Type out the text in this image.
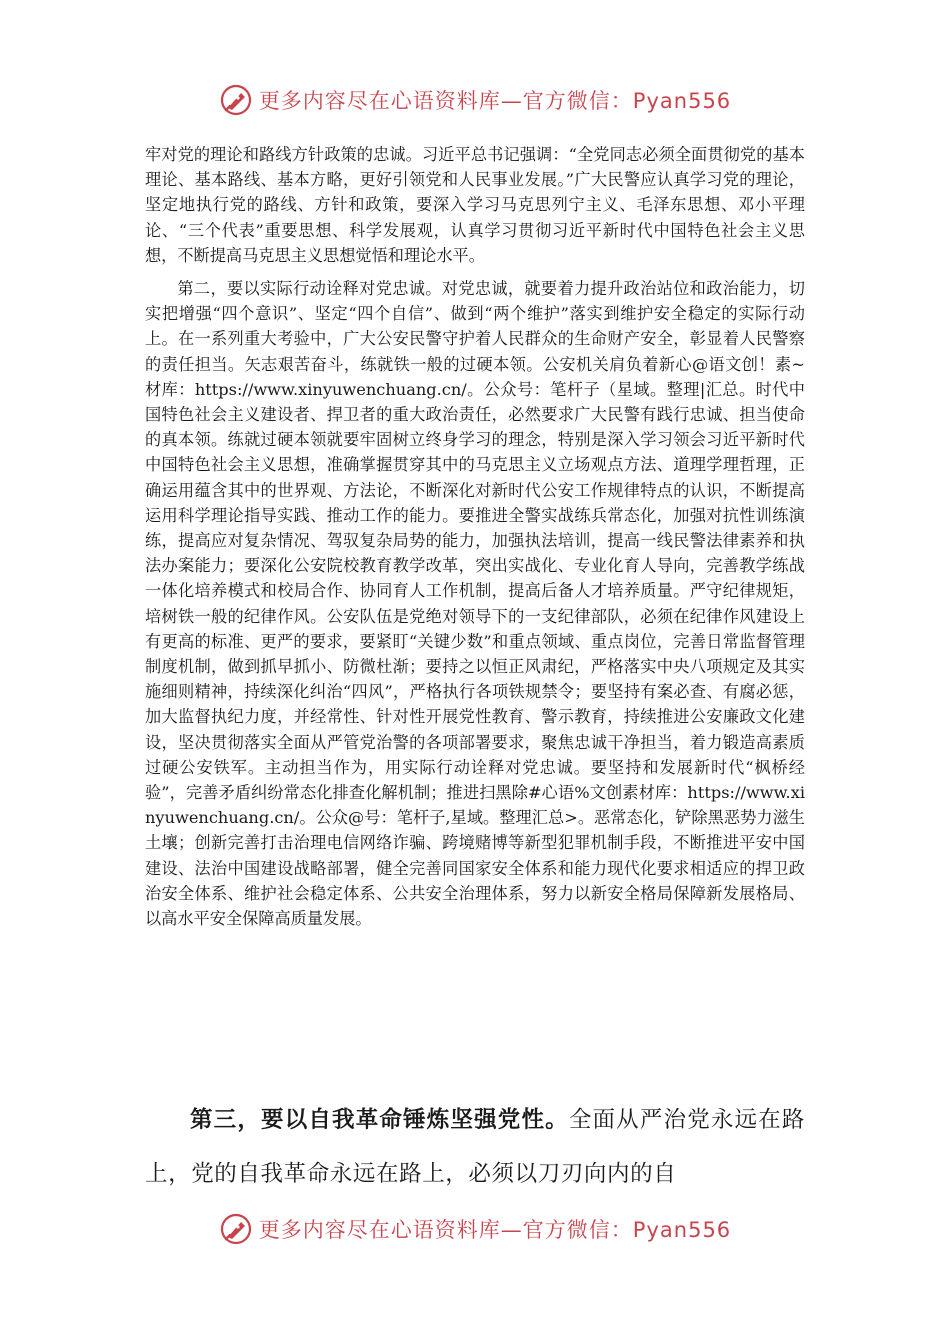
更多内容尽在心语资料库—官方微信：Pyan556

牢对党的理论和路线方针政策的忠诚。习近平总书记强调：“全党同志必须全面贯彻党的基本理论、基本路线、基本方略，更好引领党和人民事业发展。”广大民警应认真学习党的理论，坚定地执行党的路线、方针和政策，要深入学习马克思列宁主义、毛泽东思想、邓小平理论、“三个代表”重要思想、科学发展观，认真学习贯彻习近平新时代中国特色社会主义思想，不断提高马克思主义思想觉悟和理论水平。

第二，要以实际行动诠释对党忠诚。对党忠诚，就要着力提升政治站位和政治能力，切实把增强“四个意识”、坚定“四个自信”、做到“两个维护”落实到维护安全稳定的实际行动上。在一系列重大考验中，广大公安民警守护着人民群众的生命财产安全，彰显着人民警察的责任担当。矢志艰苦奋斗，练就铁一般的过硬本领。公安机关肩负着新心@语文创！素~材库：https://www.xinyuwenchuang.cn/。公众号：笔杆子（星域。整理|汇总。时代中国特色社会主义建设者、捍卫者的重大政治责任，必然要求广大民警有践行忠诚、担当使命的真本领。练就过硬本领就要牢固树立终身学习的理念，特别是深入学习领会习近平新时代中国特色社会主义思想，准确掌握贯穿其中的马克思主义立场观点方法、道理学理哲理，正确运用蕴含其中的世界观、方法论，不断深化对新时代公安工作规律特点的认识，不断提高运用科学理论指导实践、推动工作的能力。要推进全警实战练兵常态化，加强对抗性训练演练，提高应对复杂情况、驾驭复杂局势的能力，加强执法培训，提高一线民警法律素养和执法办案能力；要深化公安院校教育教学改革，突出实战化、专业化育人导向，完善教学练战一体化培养模式和校局合作、协同育人工作机制，提高后备人才培养质量。严守纪律规矩，培树铁一般的纪律作风。公安队伍是党绝对领导下的一支纪律部队，必须在纪律作风建设上有更高的标准、更严的要求，要紧盯“关键少数”和重点领域、重点岗位，完善日常监督管理制度机制，做到抓早抓小、防微杜渐；要持之以恒正风肃纪，严格落实中央八项规定及其实施细则精神，持续深化纠治“四风”，严格执行各项铁规禁令；要坚持有案必查、有腐必惩，加大监督执纪力度，并经常性、针对性开展党性教育、警示教育，持续推进公安廉政文化建设，坚决贯彻落实全面从严管党治警的各项部署要求，聚焦忠诚干净担当，着力锻造高素质过硬公安铁军。主动担当作为，用实际行动诠释对党忠诚。要坚持和发展新时代“枫桥经验”，完善矛盾纠纷常态化排查化解机制；推进扫黑除#心语%文创素材库：https://www.xinyuwenchuang.cn/。公众@号：笔杆子,星域。整理汇总>。恶常态化，铲除黑恶势力滋生土壤；创新完善打击治理电信网络诈骗、跨境赌博等新型犯罪机制手段，不断推进平安中国建设、法治中国建设战略部署，健全完善同国家安全体系和能力现代化要求相适应的捍卫政治安全体系、维护社会稳定体系、公共安全治理体系，努力以新安全格局保障新发展格局、以高水平安全保障高质量发展。

第三，要以自我革命锤炼坚强党性。全面从严治党永远在路上，党的自我革命永远在路上，必须以刀刃向内的自

更多内容尽在心语资料库—官方微信：Pyan556
